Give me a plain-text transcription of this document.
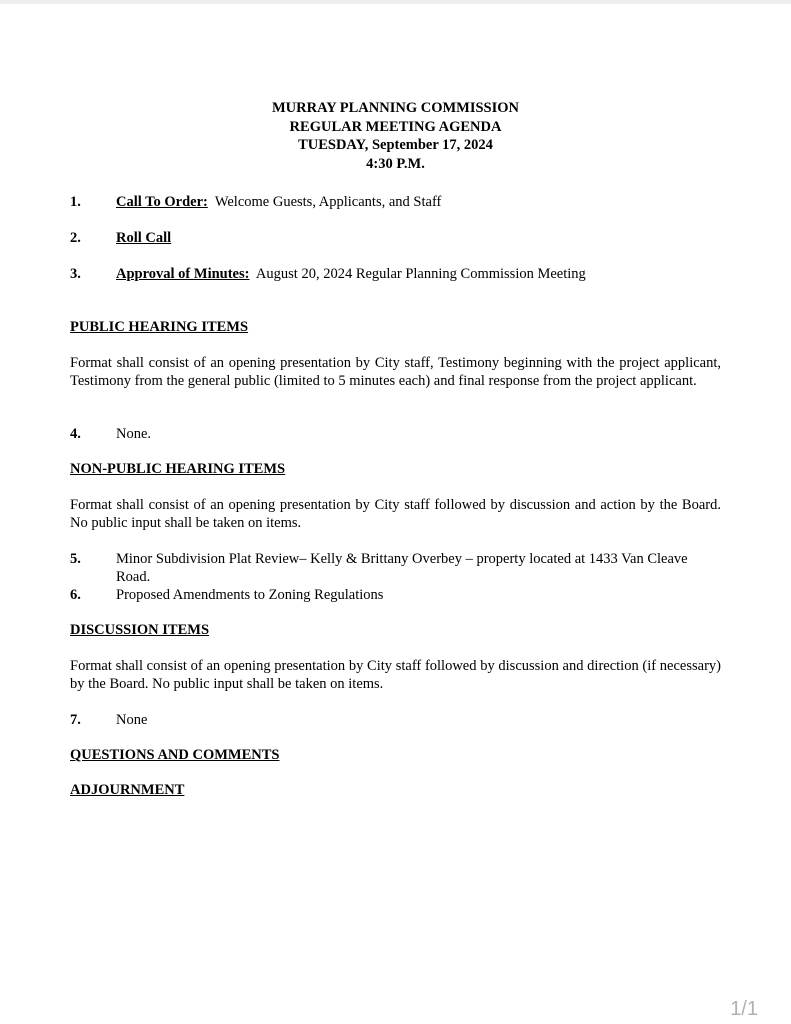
MURRAY PLANNING COMMISSION
REGULAR MEETING AGENDA
TUESDAY, September 17, 2024
4:30 P.M.
1. Call To Order: Welcome Guests, Applicants, and Staff
2. Roll Call
3. Approval of Minutes: August 20, 2024 Regular Planning Commission Meeting
PUBLIC HEARING ITEMS
Format shall consist of an opening presentation by City staff, Testimony beginning with the project applicant, Testimony from the general public (limited to 5 minutes each) and final response from the project applicant.
4. None.
NON-PUBLIC HEARING ITEMS
Format shall consist of an opening presentation by City staff followed by discussion and action by the Board. No public input shall be taken on items.
5. Minor Subdivision Plat Review– Kelly & Brittany Overbey – property located at 1433 Van Cleave Road.
6. Proposed Amendments to Zoning Regulations
DISCUSSION ITEMS
Format shall consist of an opening presentation by City staff followed by discussion and direction (if necessary) by the Board. No public input shall be taken on items.
7. None
QUESTIONS AND COMMENTS
ADJOURNMENT
1/1
